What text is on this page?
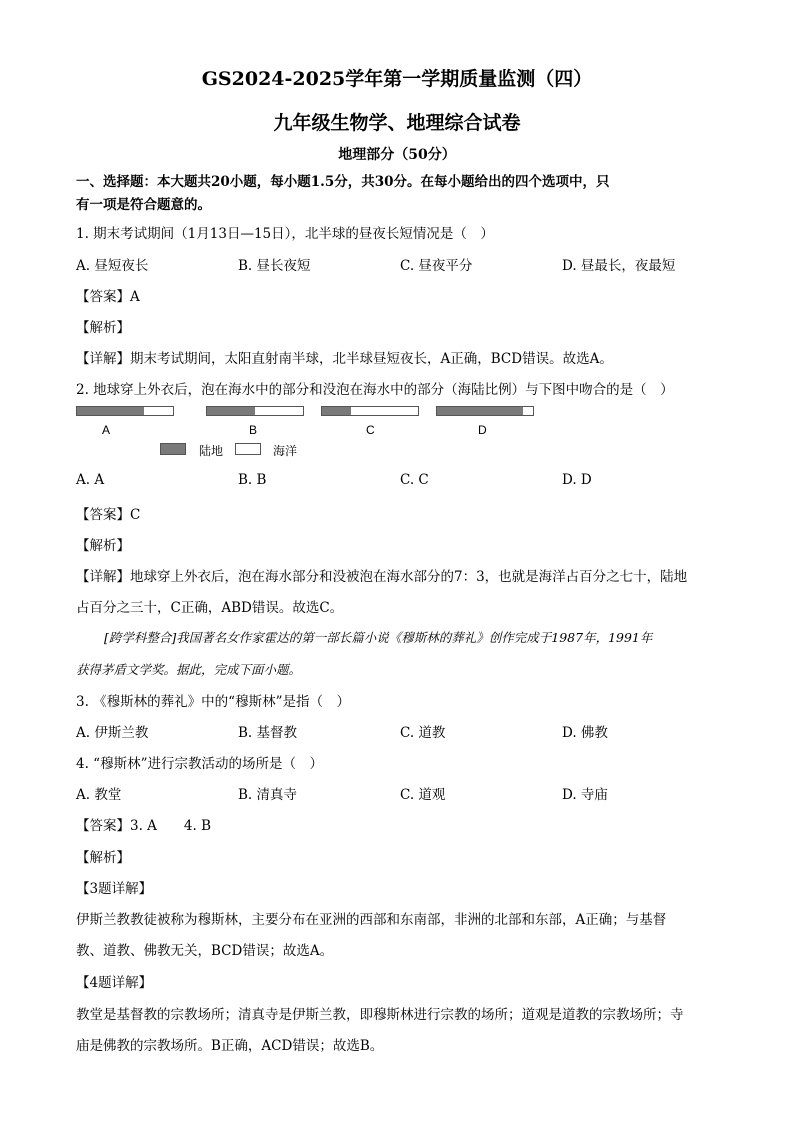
GS2024-2025学年第一学期质量监测（四）
九年级生物学、地理综合试卷
地理部分（50分）
一、选择题：本大题共20小题，每小题1.5分，共30分。在每小题给出的四个选项中，只
有一项是符合题意的。
1. 期末考试期间（1月13日—15日），北半球的昼夜长短情况是（　）
A. 昼短夜长	B. 昼长夜短	C. 昼夜平分	D. 昼最长，夜最短
【答案】A
【解析】
【详解】期末考试期间，太阳直射南半球，北半球昼短夜长，A正确，BCD错误。故选A。
2. 地球穿上外衣后，泡在海水中的部分和没泡在海水中的部分（海陆比例）与下图中吻合的是（　）
A	B	C	D
陆地	海洋
A. A	B. B	C. C	D. D
【答案】C
【解析】
【详解】地球穿上外衣后，泡在海水部分和没被泡在海水部分的7：3，也就是海洋占百分之七十，陆地
占百分之三十，C正确，ABD错误。故选C。
[跨学科整合]我国著名女作家霍达的第一部长篇小说《穆斯林的葬礼》创作完成于1987年，1991年
获得茅盾文学奖。据此，完成下面小题。
3. 《穆斯林的葬礼》中的“穆斯林”是指（　）
A. 伊斯兰教	B. 基督教	C. 道教	D. 佛教
4. “穆斯林”进行宗教活动的场所是（　）
A. 教堂	B. 清真寺	C. 道观	D. 寺庙
【答案】3. A　　4. B
【解析】
【3题详解】
伊斯兰教教徒被称为穆斯林，主要分布在亚洲的西部和东南部，非洲的北部和东部，A正确；与基督
教、道教、佛教无关，BCD错误；故选A。
【4题详解】
教堂是基督教的宗教场所；清真寺是伊斯兰教，即穆斯林进行宗教的场所；道观是道教的宗教场所；寺
庙是佛教的宗教场所。B正确，ACD错误；故选B。
